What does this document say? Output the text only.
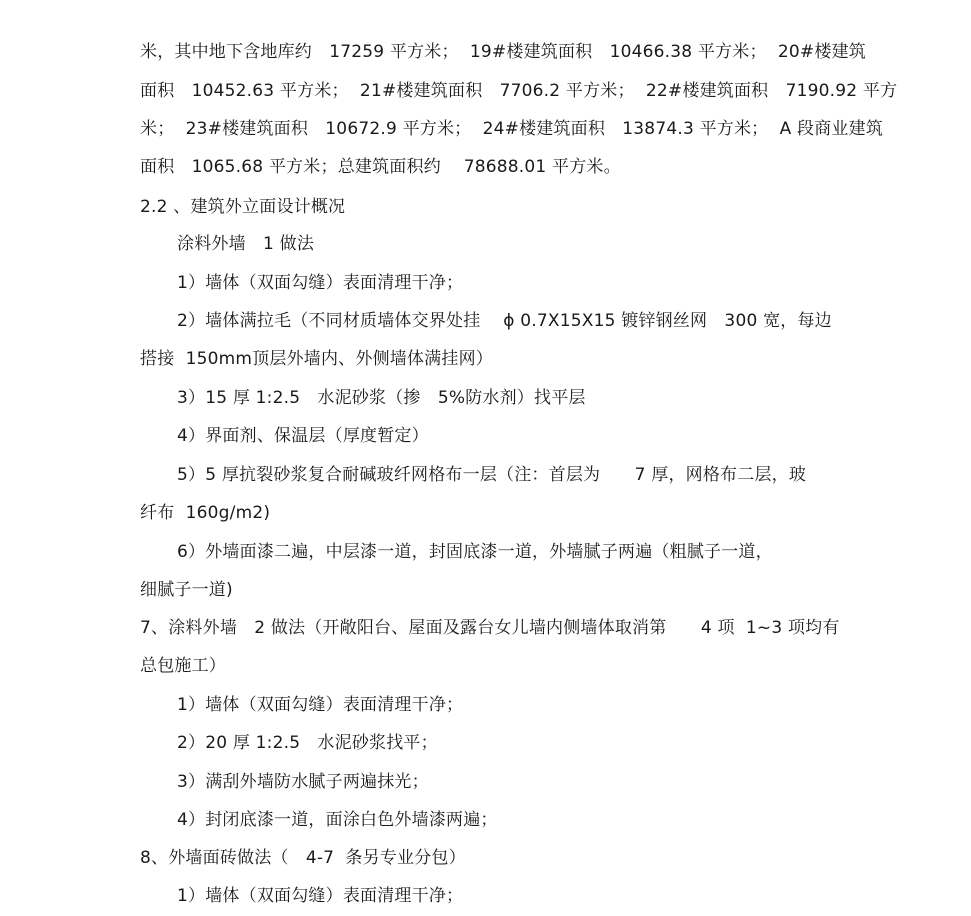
米，其中地下含地库约　17259 平方米；  19#楼建筑面积　10466.38 平方米；  20#楼建筑
面积　10452.63 平方米；  21#楼建筑面积　7706.2 平方米；  22#楼建筑面积　7190.92 平方
米；  23#楼建筑面积　10672.9 平方米；  24#楼建筑面积　13874.3 平方米；  A 段商业建筑
面积　1065.68 平方米；总建筑面积约　 78688.01 平方米。
2.2 、建筑外立面设计概况
涂料外墙　1 做法
1）墙体（双面勾缝）表面清理干净；
2）墙体满拉毛（不同材质墙体交界处挂　 ϕ 0.7X15X15 镀锌钢丝网　300 宽，每边
搭接  150mm顶层外墙内、外侧墙体满挂网）
3）15 厚 1:2.5　水泥砂浆（掺　5%防水剂）找平层
4）界面剂、保温层（厚度暂定）
5）5 厚抗裂砂浆复合耐碱玻纤网格布一层（注：首层为　　7 厚，网格布二层，玻
纤布  160g/m2)
6）外墙面漆二遍，中层漆一道，封固底漆一道，外墙腻子两遍（粗腻子一道，
细腻子一道)
7、涂料外墙　2 做法（开敞阳台、屋面及露台女儿墙内侧墙体取消第　　4 项  1~3 项均有
总包施工）
1）墙体（双面勾缝）表面清理干净；
2）20 厚 1:2.5　水泥砂浆找平；
3）满刮外墙防水腻子两遍抹光；
4）封闭底漆一道，面涂白色外墙漆两遍；
8、外墙面砖做法（　4-7  条另专业分包）
1）墙体（双面勾缝）表面清理干净；
